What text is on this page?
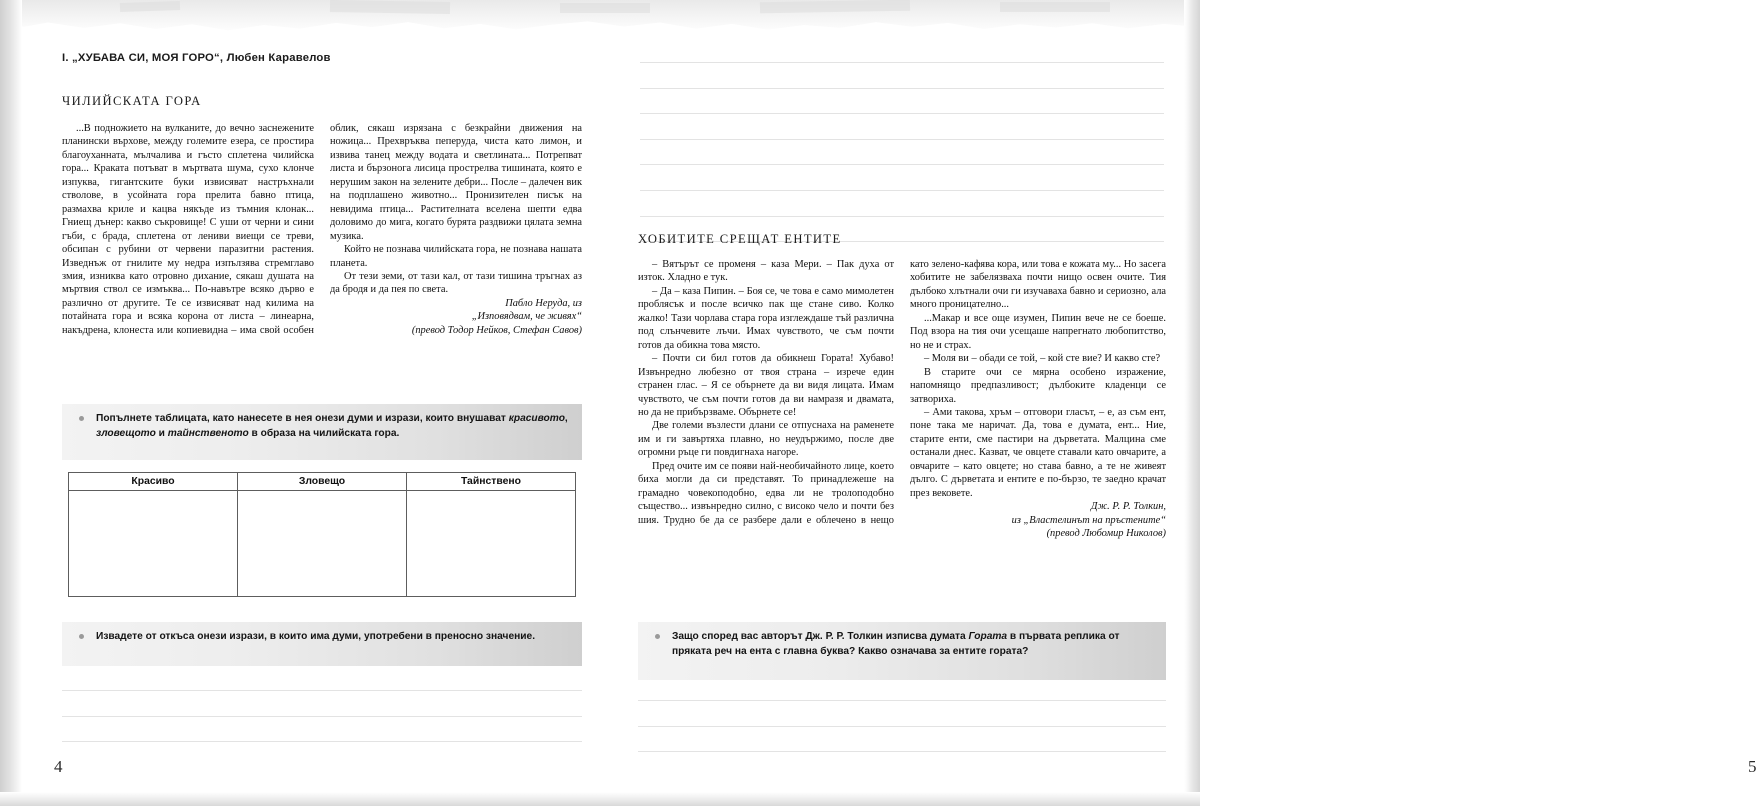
I. „ХУБАВА СИ, МОЯ ГОРО“, Любен Каравелов
ЧИЛИЙСКАТА ГОРА

...В подножието на вулканите, до вечно заснежените планински върхове, между големите езера, се простира благоуханната, мълчалива и гъсто сплетена чилийска гора... Краката потъват в мъртвата шума, сухо клонче изпуква, гигантските буки извисяват настръхнали стволове, в усойната гора прелита бавно птица, размахва криле и кацва някъде из тъмния клонак... Гниещ дънер: какво съкровище! С уши от черни и сини гъби, с брада, сплетена от лениви виещи се треви, обсипан с рубини от червени паразитни растения. Изведнъж от гнилите му недра изпълзява стремглаво змия, изниква като отровно дихание, сякаш душата на мъртвия ствол се измъква... По-навътре всяко дърво е различно от другите. Те се извисяват над килима на потайната гора и всяка корона от листа – линеарна, накъдрена, клонеста или копиевидна – има свой особен облик, сякаш изрязана с безкрайни движения на ножица... Прехвръква пеперуда, чиста като лимон, и извива танец между водата и светлината... Потрепват листа и бързонога лисица прострелва тишината, която е нерушим закон на зелените дебри... После – далечен вик на подплашено животно... Пронизителен писък на невидима птица... Растителната вселена шепти едва доловимо до мига, когато бурята раздвижи цялата земна музика.

Който не познава чилийската гора, не познава нашата планета.

От тези земи, от тази кал, от тази тишина тръгнах аз да бродя и да пея по света.

Пабло Неруда, из

„Изповядвам, че живях“

(превод Тодор Нейков, Стефан Савов)

Попълнете таблицата, като нанесете в нея онези думи и изрази, които внушават красивото, зловещото и тайнственото в образа на чилийската гора.
Красиво	Зловещо	Тайнствено

Извадете от откъса онези изрази, в които има думи, употребени в преносно значение.
4
ХОБИТИТЕ СРЕЩАТ ЕНТИТЕ

– Вятърът се променя – каза Мери. – Пак духа от изток. Хладно е тук.

– Да – каза Пипин. – Боя се, че това е само мимолетен проблясък и после всичко пак ще стане сиво. Колко жалко! Тази чорлава стара гора изглеждаше тъй различна под слънчевите лъчи. Имах чувството, че съм почти готов да обикна това място.

– Почти си бил готов да обикнеш Гората! Хубаво! Извънредно любезно от твоя страна – изрече един странен глас. – Я се обърнете да ви видя лицата. Имам чувството, че съм почти готов да ви намразя и двамата, но да не прибързваме. Обърнете се!

Две големи възлести длани се отпуснаха на раменете им и ги завъртяха плавно, но неудържимо, после две огромни ръце ги повдигнаха нагоре.

Пред очите им се появи най-необичайното лице, което биха могли да си представят. То принадлежеше на грамадно човекоподобно, едва ли не тролоподобно същество... извънредно силно, с високо чело и почти без шия. Трудно бе да се разбере дали е облечено в нещо като зелено-кафява кора, или това е кожата му... Но засега хобитите не забелязваха почти нищо освен очите. Тия дълбоко хлътнали очи ги изучаваха бавно и сериозно, ала много проницателно...

...Макар и все още изумен, Пипин вече не се боеше. Под взора на тия очи усещаше напрегнато любопитство, но не и страх.

– Моля ви – обади се той, – кой сте вие? И какво сте?

В старите очи се мярна особено изражение, напомнящо предпазливост; дълбоките кладенци се затвориха.

– Ами такова, хръм – отговори гласът, – е, аз съм ент, поне така ме наричат. Да, това е думата, ент... Ние, старите енти, сме пастири на дърветата. Малцина сме останали днес. Казват, че овцете ставали като овчарите, а овчарите – като овцете; но става бавно, а те не живеят дълго. С дърветата и ентите е по-бързо, те заедно крачат през вековете.

Дж. Р. Р. Толкин,

из „Властелинът на пръстените“

(превод Любомир Николов)

Защо според вас авторът Дж. Р. Р. Толкин изписва думата Гората в първата реплика от пряката реч на ента с главна буква? Какво означава за ентите гората?
5
